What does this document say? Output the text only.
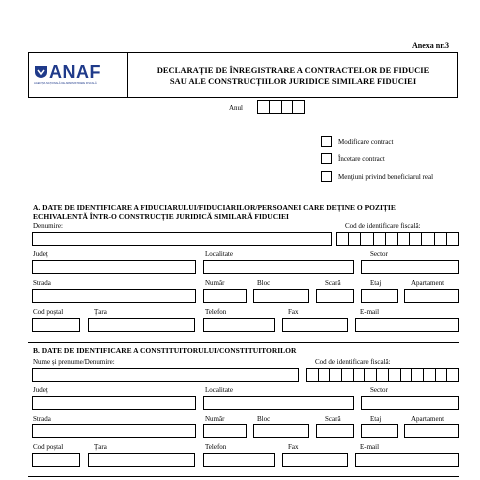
Anexa nr.3
ANAF
AGENȚIA NAȚIONALĂ DE ADMINISTRARE FISCALĂ
DECLARAȚIE DE ÎNREGISTRARE A CONTRACTELOR DE FIDUCIE
SAU ALE CONSTRUCȚIILOR JURIDICE SIMILARE FIDUCIEI
Anul
Modificare contract
Încetare contract
Menţiuni privind beneficiarul real
A. DATE DE IDENTIFICARE A FIDUCIARULUI/FIDUCIARILOR/PERSOANEI CARE DEȚINE O POZIȚIE
ECHIVALENTĂ ÎNTR-O CONSTRUCȚIE JURIDICĂ SIMILARĂ FIDUCIEI
Denumire:	Cod de identificare fiscală:
Județ	Localitate	Sector
Strada	Număr	Bloc	Scară	Etaj	Apartament
Cod poștal	Țara	Telefon	Fax	E-mail
B. DATE DE IDENTIFICARE A CONSTITUITORULUI/CONSTITUITORILOR
Nume și prenume/Denumire:	Cod de identificare fiscală:
Județ	Localitate	Sector
Strada	Număr	Bloc	Scară	Etaj	Apartament
Cod poștal	Țara	Telefon	Fax	E-mail
